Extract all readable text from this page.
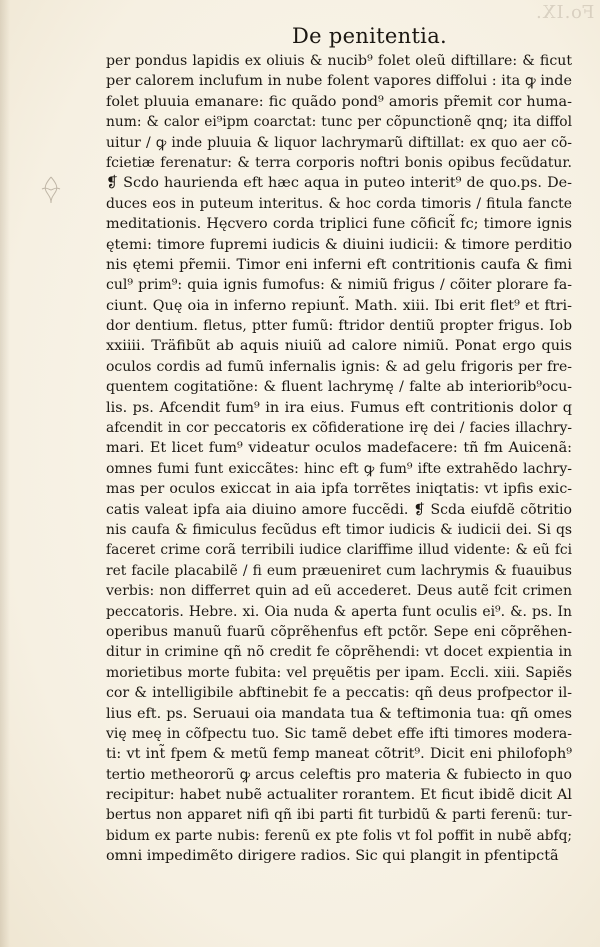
Fo.IX.
De penitentia.
per pondus lapidis ex oliuis & nucib⁹ folet oleũ diftillare: & ficut
per calorem inclufum in nube folent vapores diffolui : ita ꝙ inde
folet pluuia emanare: fic quãdo pond⁹ amoris pr̃emit cor huma-
num: & calor ei⁹ipm coarctat: tunc per cõpunctionẽ qnq; ita diffol
uitur / ꝙ inde pluuia & liquor lachrymarũ diftillat: ex quo aer cõ-
fcietiæ ferenatur: & terra corporis noftri bonis opibus fecũdatur.
❡ Scdo haurienda eft hæc aqua in puteo interit⁹ de quo.ps. De-
duces eos in puteum interitus. & hoc corda timoris / fitula fancte
meditationis. Hęcvero corda triplici fune cõficit̃ fc; timore ignis
ętemi: timore fupremi iudicis & diuini iudicii: & timore perditio
nis ętemi pr̃emii. Timor eni inferni eft contritionis caufa & fimi
cul⁹ prim⁹: quia ignis fumofus: & nimiũ frigus / cõiter plorare fa-
ciunt. Quę oia in inferno repiunt̃. Math. xiii. Ibi erit flet⁹ et ftri-
dor dentium. fletus, ptter fumũ: ftridor dentiũ propter frigus. Iob
xxiiii. Träfibũt ab aquis niuiũ ad calore nimiũ. Ponat ergo quis
oculos cordis ad fumũ infernalis ignis: & ad gelu frigoris per fre-
quentem cogitatiõne: & fluent lachrymę / falte ab interiorib⁹ocu-
lis. ps. Afcendit fum⁹ in ira eius. Fumus eft contritionis dolor q
afcendit in cor peccatoris ex cõfideratione irę dei / facies illachry-
mari. Et licet fum⁹ videatur oculos madefacere: tñ fm Auicenã:
omnes fumi funt exiccãtes: hinc eft ꝙ fum⁹ ifte extrahẽdo lachry-
mas per oculos exiccat in aia ipfa torrẽtes iniqtatis: vt ipfis exic-
catis valeat ipfa aia diuino amore fuccẽdi. ❡ Scda eiufdẽ cõtritio
nis caufa & fimiculus fecũdus eft timor iudicis & iudicii dei. Si qs
faceret crime corã terribili iudice clariffime illud vidente: & eũ fci
ret facile placabilẽ / fi eum præueniret cum lachrymis & fuauibus
verbis: non differret quin ad eũ accederet. Deus autẽ fcit crimen
peccatoris. Hebre. xi. Oia nuda & aperta funt oculis ei⁹. &. ps. In
operibus manuũ fuarũ cõprẽhenfus eft pctõr. Sepe eni cõprẽhen-
ditur in crimine qñ nõ credit fe cõprẽhendi: vt docet expientia in
morietibus morte fubita: vel pręuẽtis per ipam. Eccli. xiii. Sapiẽs
cor & intelligibile abftinebit fe a peccatis: qñ deus profpector il-
lius eft. ps. Seruaui oia mandata tua & teftimonia tua: qñ omes
vię meę in cõfpectu tuo. Sic tamẽ debet effe ifti timores modera-
ti: vt int̃ fpem & metũ femp maneat cõtrit⁹. Dicit eni philofoph⁹
tertio metheororũ ꝙ arcus celeftis pro materia & fubiecto in quo
recipitur: habet nubẽ actualiter rorantem. Et ficut ibidẽ dicit Al
bertus non apparet nifi qñ ibi parti fit turbidũ & parti ferenũ: tur-
bidum ex parte nubis: ferenũ ex pte folis vt fol poffit in nubẽ abfq;
omni impedimẽto dirigere radios. Sic qui plangit in pfentipctã
